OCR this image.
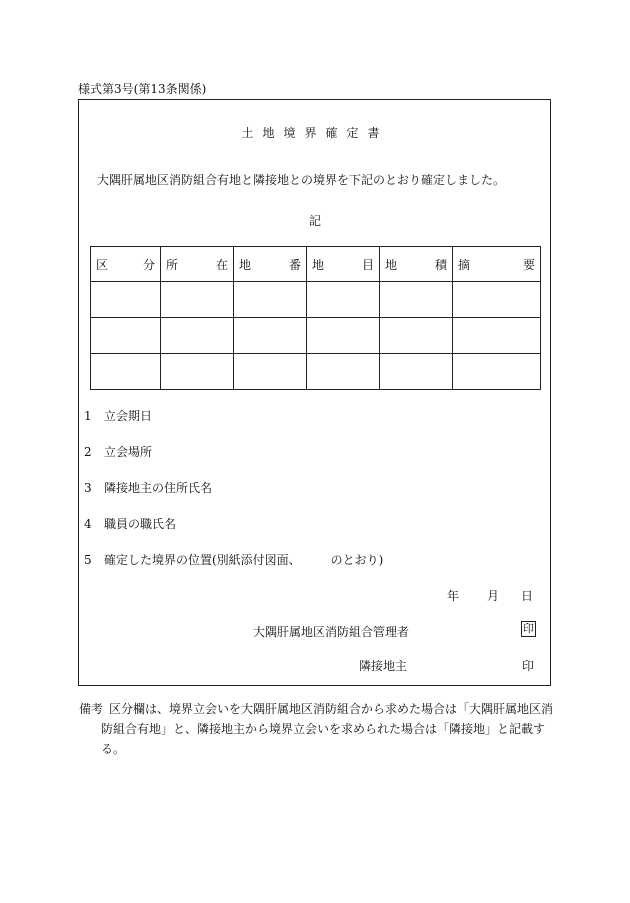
様式第3号(第13条関係)
土地境界確定書
大隅肝属地区消防組合有地と隣接地との境界を下記のとおり確定しました。
記
区分	所在	地番	地目	地積	摘要

1 立会期日
2 立会場所
3 隣接地主の住所氏名
4 職員の職氏名
5 確定した境界の位置(別紙添付図面、　　　のとおり)
年	月	日
大隅肝属地区消防組合管理者	印
隣接地主	印
備考 区分欄は、境界立会いを大隅肝属地区消防組合から求めた場合は「大隅肝属地区消
防組合有地」と、隣接地主から境界立会いを求められた場合は「隣接地」と記載す
る。
